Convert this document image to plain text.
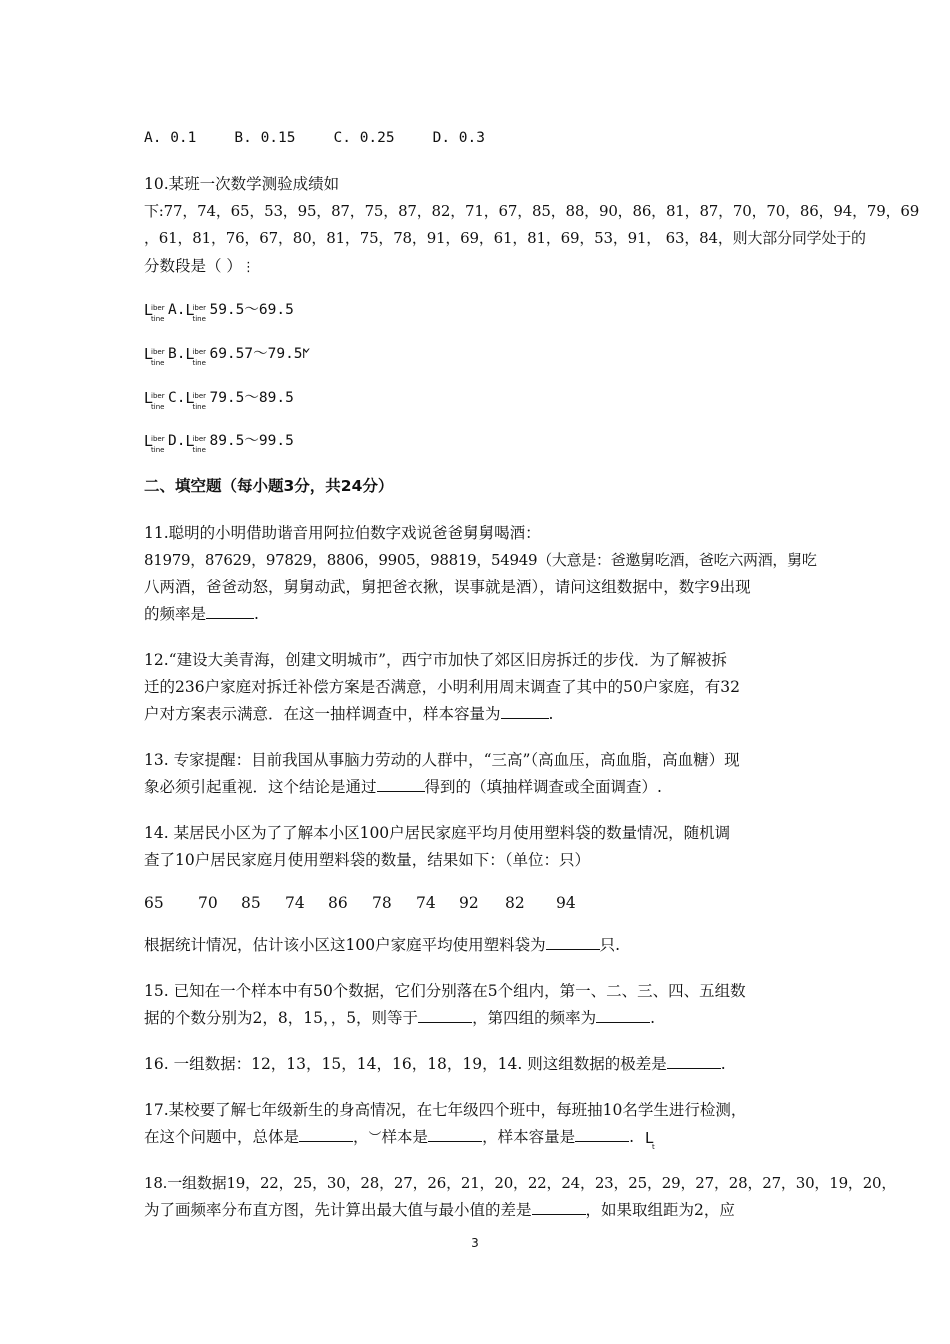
A. 0.1	B. 0.15	C. 0.25	D. 0.3
10.某班一次数学测验成绩如
下:77，74，65，53，95，87，75，87，82，71，67，85，88，90，86，81，87，70，70，86，94，79，69
，61，81，76，67，80，81，75，78，91，69，61，81，69，53，91， 63，84，则大部分同学处于的
分数段是（ ）⋮
L
iber
tine
A. L
iber
tine
59.5～69.5
L
iber
tine
B. L
iber
tine
69.57～79.5ᖼ
L
iber
tine
C. L
iber
tine
79.5～89.5
L
iber
tine
D. L
iber
tine
89.5～99.5
二、填空题（每小题3分，共24分）
11.聪明的小明借助谐音用阿拉伯数字戏说爸爸舅舅喝酒：
81979，87629，97829，8806，9905，98819，54949（大意是：爸邀舅吃酒，爸吃六两酒，舅吃
八两酒，爸爸动怒，舅舅动武，舅把爸衣揪，误事就是酒），请问这组数据中，数字9出现
的频率是	.
12.“建设大美青海，创建文明城市”，西宁市加快了郊区旧房拆迁的步伐．为了解被拆
迁的236户家庭对拆迁补偿方案是否满意，小明利用周末调查了其中的50户家庭，有32
户对方案表示满意．在这一抽样调查中，样本容量为	.
13. 专家提醒：目前我国从事脑力劳动的人群中，“三高”（高血压，高血脂，高血糖）现
象必须引起重视．这个结论是通过	得到的（填抽样调查或全面调查）.
14. 某居民小区为了了解本小区100户居民家庭平均月使用塑料袋的数量情况，随机调
查了10户居民家庭月使用塑料袋的数量，结果如下：（单位：只）
65 70 85 74 86 78 74 92 82 94
根据统计情况，估计该小区这100户家庭平均使用塑料袋为	只.
15. 已知在一个样本中有50个数据，它们分别落在5个组内，第一、二、三、四、五组数
据的个数分别为2，8，15，，5，则等于	，第四组的频率为	.
16. 一组数据：12，13，15，14，16，18，19，14. 则这组数据的极差是	.
17.某校要了解七年级新生的身高情况，在七年级四个班中，每班抽10名学生进行检测，
在这个问题中，总体是	，︶样本是	，样本容量是	. L
t
18.一组数据19，22，25，30，28，27，26，21，20，22，24，23，25，29，27，28，27，30，19，20，
为了画频率分布直方图，先计算出最大值与最小值的差是	，如果取组距为2，应
3
